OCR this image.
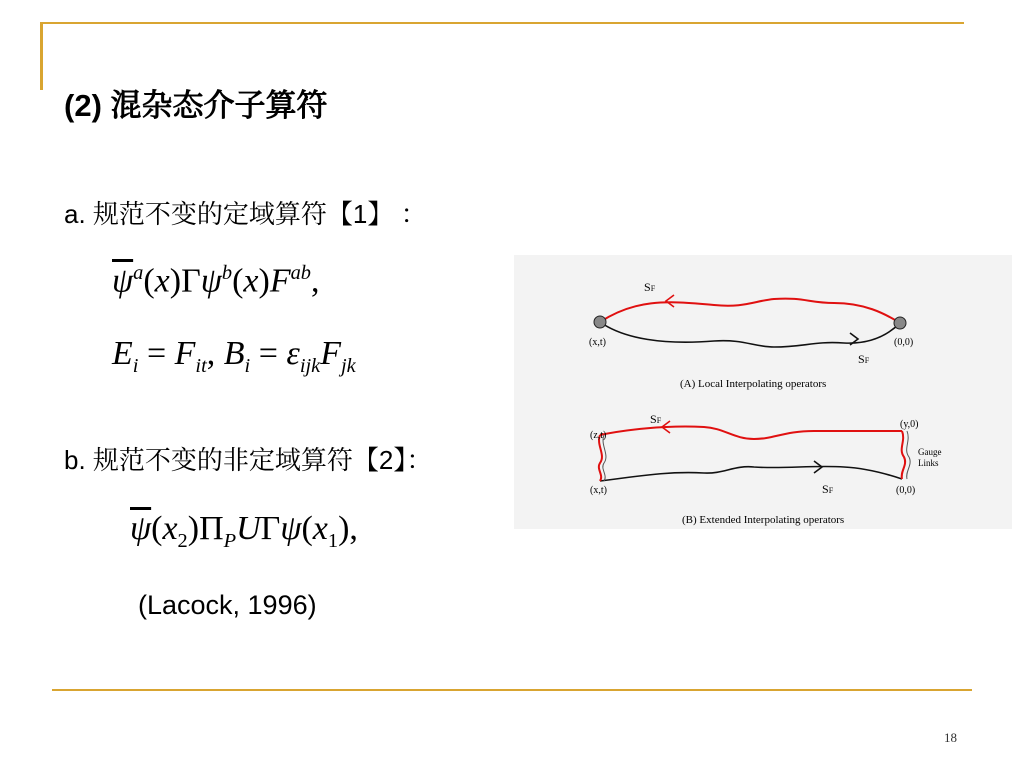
(2) 混杂态介子算符
a. 规范不变的定域算符【1】 ：
$\overline{\psi}^a(x)\Gamma\psi^b(x)F^{ab}$,
$E_i = F_{it}$, $B_i = \varepsilon_{ijk}F_{jk}$
b. 规范不变的非定域算符【2】：
$\overline{\psi}(x_2)\Pi_PU\Gamma\psi(x_1)$,
(Lacock, 1996)
SF
SF
(x,t)	(0,0)
(A) Local Interpolating operators
SF
SF
(z,t)
(y,0)
(x,t)	(0,0)
Gauge
Links
(B) Extended Interpolating operators
18
